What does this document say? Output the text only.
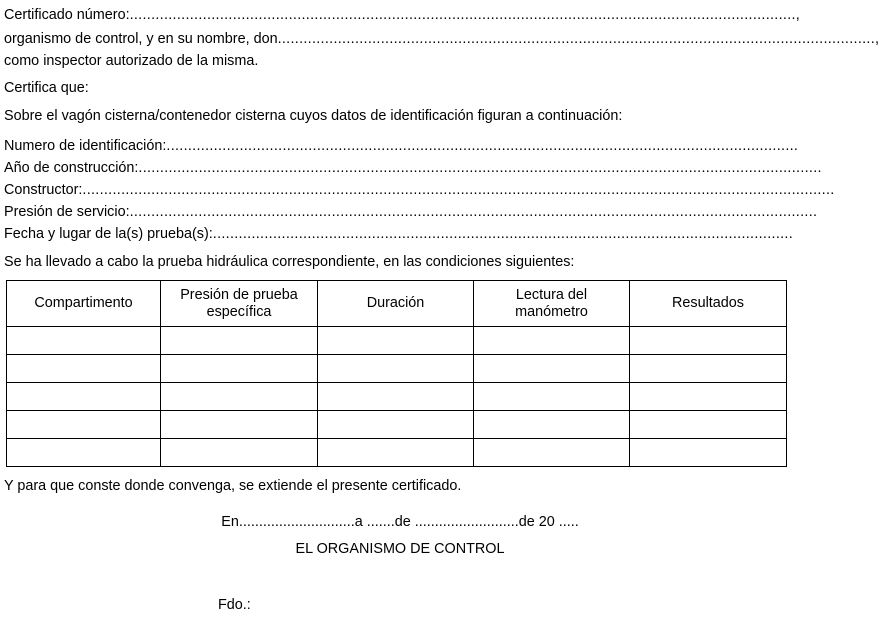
Certificado número: ........................................................................................................................................................... ,
organismo de control, y en su nombre, don ........................................................................................................................................... ,
como inspector autorizado de la misma.
Certifica que:
Sobre el vagón cisterna/contenedor cisterna cuyos datos de identificación figuran a continuación:
Numero de identificación: ...................................................................................................................................................
Año de construcción: ...............................................................................................................................................................
Constructor: ...............................................................................................................................................................................
Presión de servicio: ................................................................................................................................................................
Fecha y lugar de la(s) prueba(s): .......................................................................................................................................
Se ha llevado a cabo la prueba hidráulica correspondiente, en las condiciones siguientes:
Compartimento	Presión de prueba específica	Duración	Lectura del manómetro	Resultados

Y para que conste donde convenga, se extiende el presente certificado.
En.............................a .......de ..........................de 20 .....
EL ORGANISMO DE CONTROL
Fdo.:
